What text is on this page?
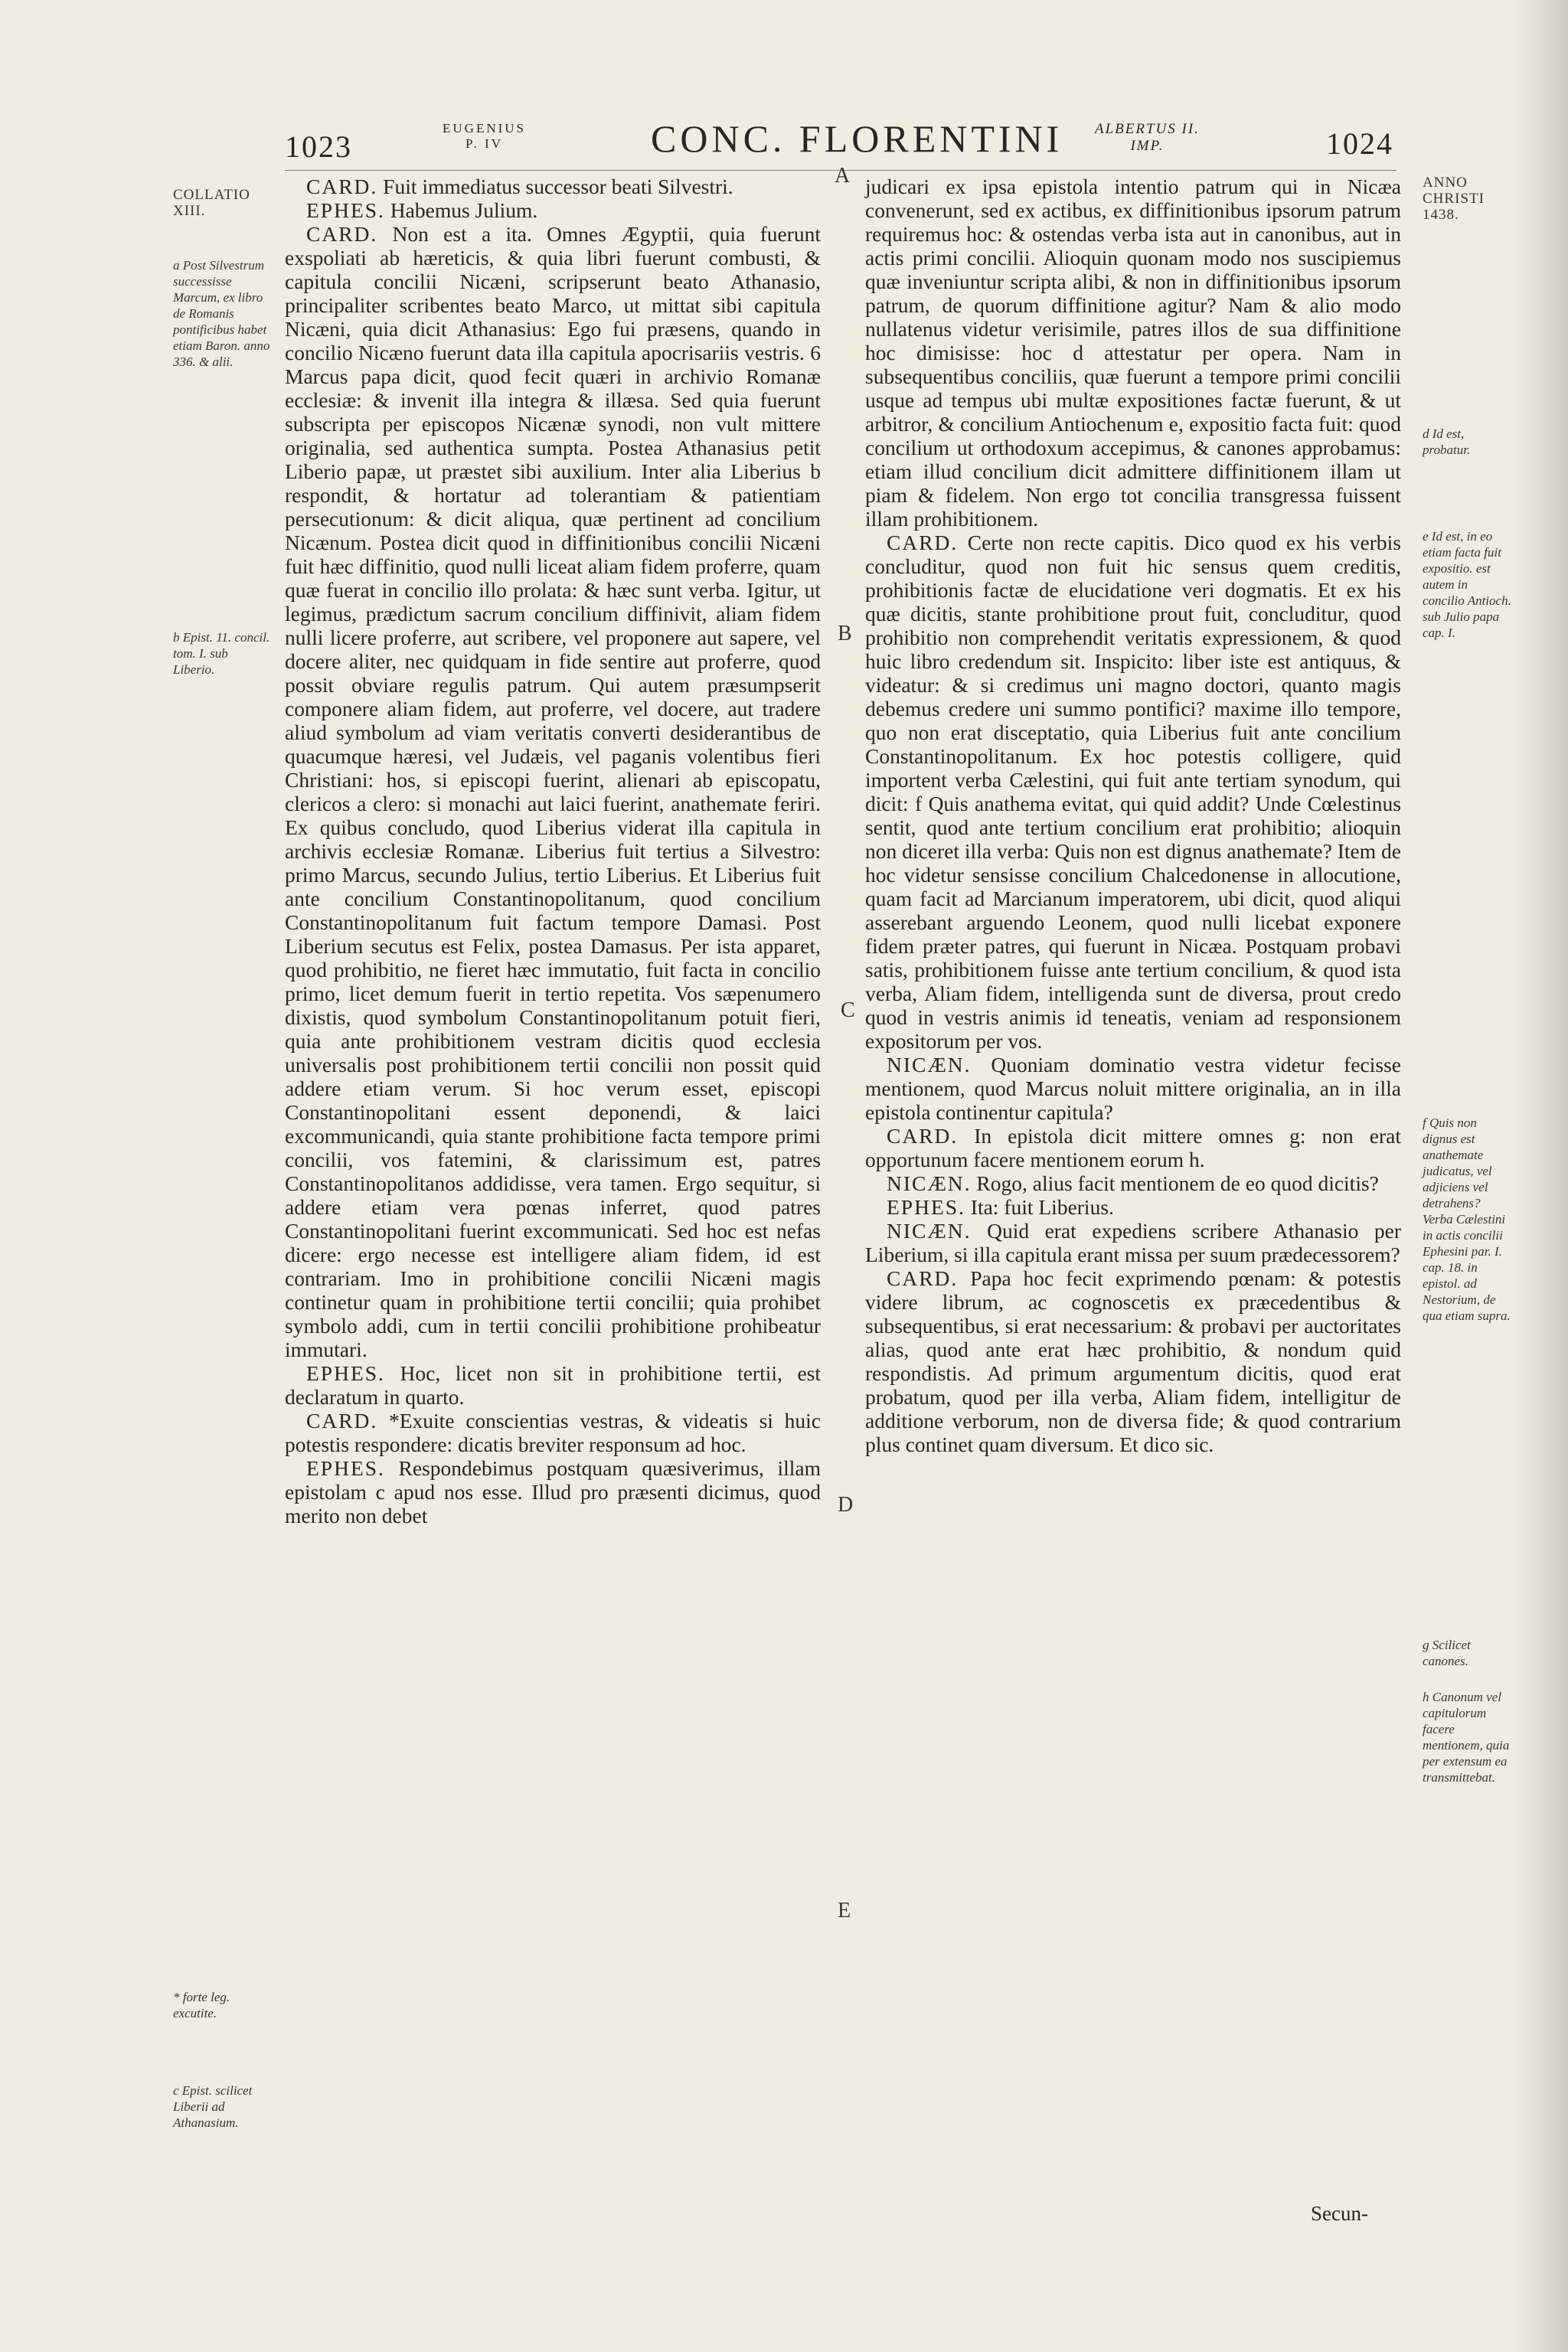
1023
EUGENIUS
P. IV	CONC. FLORENTINI ALBERTUS II.
IMP.	1024
COLLATIO
XIII.
a Post Silvestrum successisse Marcum, ex libro de Romanis pontificibus habet etiam Baron. anno 336. & alii.
b Epist. 11. concil. tom. I. sub Liberio.
* forte leg. excutite.
c Epist. scilicet Liberii ad Athanasium.
ANNO
CHRISTI
1438.
d Id est, probatur.
e Id est, in eo etiam facta fuit expositio. est autem in concilio Antioch. sub Julio papa cap. I.
f Quis non dignus est anathemate judicatus, vel adjiciens vel detrahens? Verba Cælestini in actis concilii Ephesini par. I. cap. 18. in epistol. ad Nestorium, de qua etiam supra.
g Scilicet canones.
h Canonum vel capitulorum facere mentionem, quia per extensum ea transmittebat.
A
B
C
D
E

CARD. Fuit immediatus successor beati Silvestri.

EPHES. Habemus Julium.

CARD. Non est a ita. Omnes Ægyptii, quia fuerunt exspoliati ab hæreticis, & quia libri fuerunt combusti, & capitula concilii Nicæni, scripserunt beato Athanasio, principaliter scribentes beato Marco, ut mittat sibi capitula Nicæni, quia dicit Athanasius: Ego fui præsens, quando in concilio Nicæno fuerunt data illa capitula apocrisariis vestris. 6 Marcus papa dicit, quod fecit quæri in archivio Romanæ ecclesiæ: & invenit illa integra & illæsa. Sed quia fuerunt subscripta per episcopos Nicænæ synodi, non vult mittere originalia, sed authentica sumpta. Postea Athanasius petit Liberio papæ, ut præstet sibi auxilium. Inter alia Liberius b respondit, & hortatur ad tolerantiam & patientiam persecutionum: & dicit aliqua, quæ pertinent ad concilium Nicænum. Postea dicit quod in diffinitionibus concilii Nicæni fuit hæc diffinitio, quod nulli liceat aliam fidem proferre, quam quæ fuerat in concilio illo prolata: & hæc sunt verba. Igitur, ut legimus, prædictum sacrum concilium diffinivit, aliam fidem nulli licere proferre, aut scribere, vel proponere aut sapere, vel docere aliter, nec quidquam in fide sentire aut proferre, quod possit obviare regulis patrum. Qui autem præsumpserit componere aliam fidem, aut proferre, vel docere, aut tradere aliud symbolum ad viam veritatis converti desiderantibus de quacumque hæresi, vel Judæis, vel paganis volentibus fieri Christiani: hos, si episcopi fuerint, alienari ab episcopatu, clericos a clero: si monachi aut laici fuerint, anathemate feriri. Ex quibus concludo, quod Liberius viderat illa capitula in archivis ecclesiæ Romanæ. Liberius fuit tertius a Silvestro: primo Marcus, secundo Julius, tertio Liberius. Et Liberius fuit ante concilium Constantinopolitanum, quod concilium Constantinopolitanum fuit factum tempore Damasi. Post Liberium secutus est Felix, postea Damasus. Per ista apparet, quod prohibitio, ne fieret hæc immutatio, fuit facta in concilio primo, licet demum fuerit in tertio repetita. Vos sæpenumero dixistis, quod symbolum Constantinopolitanum potuit fieri, quia ante prohibitionem vestram dicitis quod ecclesia universalis post prohibitionem tertii concilii non possit quid addere etiam verum. Si hoc verum esset, episcopi Constantinopolitani essent deponendi, & laici excommunicandi, quia stante prohibitione facta tempore primi concilii, vos fatemini, & clarissimum est, patres Constantinopolitanos addidisse, vera tamen. Ergo sequitur, si addere etiam vera pœnas inferret, quod patres Constantinopolitani fuerint excommunicati. Sed hoc est nefas dicere: ergo necesse est intelligere aliam fidem, id est contrariam. Imo in prohibitione concilii Nicæni magis continetur quam in prohibitione tertii concilii; quia prohibet symbolo addi, cum in tertii concilii prohibitione prohibeatur immutari.

EPHES. Hoc, licet non sit in prohibitione tertii, est declaratum in quarto.

CARD. *Exuite conscientias vestras, & videatis si huic potestis respondere: dicatis breviter responsum ad hoc.

EPHES. Respondebimus postquam quæsiverimus, illam epistolam c apud nos esse. Illud pro præsenti dicimus, quod merito non debet

judicari ex ipsa epistola intentio patrum qui in Nicæa convenerunt, sed ex actibus, ex diffinitionibus ipsorum patrum requiremus hoc: & ostendas verba ista aut in canonibus, aut in actis primi concilii. Alioquin quonam modo nos suscipiemus quæ inveniuntur scripta alibi, & non in diffinitionibus ipsorum patrum, de quorum diffinitione agitur? Nam & alio modo nullatenus videtur verisimile, patres illos de sua diffinitione hoc dimisisse: hoc d attestatur per opera. Nam in subsequentibus conciliis, quæ fuerunt a tempore primi concilii usque ad tempus ubi multæ expositiones factæ fuerunt, & ut arbitror, & concilium Antiochenum e, expositio facta fuit: quod concilium ut orthodoxum accepimus, & canones approbamus: etiam illud concilium dicit admittere diffinitionem illam ut piam & fidelem. Non ergo tot concilia transgressa fuissent illam prohibitionem.

CARD. Certe non recte capitis. Dico quod ex his verbis concluditur, quod non fuit hic sensus quem creditis, prohibitionis factæ de elucidatione veri dogmatis. Et ex his quæ dicitis, stante prohibitione prout fuit, concluditur, quod prohibitio non comprehendit veritatis expressionem, & quod huic libro credendum sit. Inspicito: liber iste est antiquus, & videatur: & si credimus uni magno doctori, quanto magis debemus credere uni summo pontifici? maxime illo tempore, quo non erat disceptatio, quia Liberius fuit ante concilium Constantinopolitanum. Ex hoc potestis colligere, quid importent verba Cælestini, qui fuit ante tertiam synodum, qui dicit: f Quis anathema evitat, qui quid addit? Unde Cœlestinus sentit, quod ante tertium concilium erat prohibitio; alioquin non diceret illa verba: Quis non est dignus anathemate? Item de hoc videtur sensisse concilium Chalcedonense in allocutione, quam facit ad Marcianum imperatorem, ubi dicit, quod aliqui asserebant arguendo Leonem, quod nulli licebat exponere fidem præter patres, qui fuerunt in Nicæa. Postquam probavi satis, prohibitionem fuisse ante tertium concilium, & quod ista verba, Aliam fidem, intelligenda sunt de diversa, prout credo quod in vestris animis id teneatis, veniam ad responsionem expositorum per vos.

NICÆN. Quoniam dominatio vestra videtur fecisse mentionem, quod Marcus noluit mittere originalia, an in illa epistola continentur capitula?

CARD. In epistola dicit mittere omnes g: non erat opportunum facere mentionem eorum h.

NICÆN. Rogo, alius facit mentionem de eo quod dicitis?

EPHES. Ita: fuit Liberius.

NICÆN. Quid erat expediens scribere Athanasio per Liberium, si illa capitula erant missa per suum prædecessorem?

CARD. Papa hoc fecit exprimendo pœnam: & potestis videre librum, ac cognoscetis ex præcedentibus & subsequentibus, si erat necessarium: & probavi per auctoritates alias, quod ante erat hæc prohibitio, & nondum quid respondistis. Ad primum argumentum dicitis, quod erat probatum, quod per illa verba, Aliam fidem, intelligitur de additione verborum, non de diversa fide; & quod contrarium plus continet quam diversum. Et dico sic.

Secun-
